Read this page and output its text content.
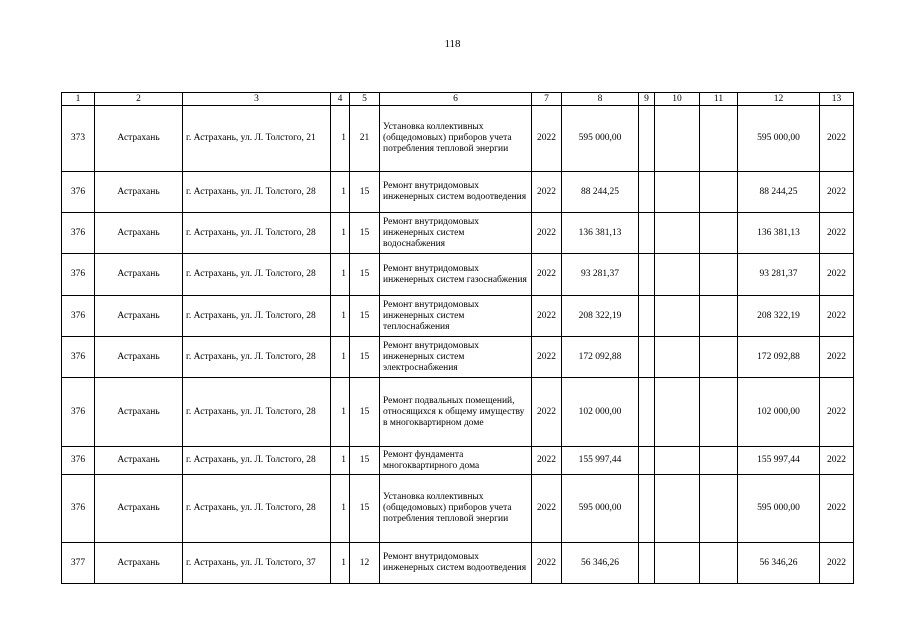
118
1	2	3	4	5	6	7	8	9	10	11	12	13
373	Астрахань	г. Астрахань, ул. Л. Толстого, 21	1	21	Установка коллективных (общедомовых) приборов учета потребления тепловой энергии	2022	595 000,00				595 000,00	2022
376	Астрахань	г. Астрахань, ул. Л. Толстого, 28	1	15	Ремонт внутридомовых инженерных систем водоотведения	2022	88 244,25				88 244,25	2022
376	Астрахань	г. Астрахань, ул. Л. Толстого, 28	1	15	Ремонт внутридомовых инженерных систем водоснабжения	2022	136 381,13				136 381,13	2022
376	Астрахань	г. Астрахань, ул. Л. Толстого, 28	1	15	Ремонт внутридомовых инженерных систем газоснабжения	2022	93 281,37				93 281,37	2022
376	Астрахань	г. Астрахань, ул. Л. Толстого, 28	1	15	Ремонт внутридомовых инженерных систем теплоснабжения	2022	208 322,19				208 322,19	2022
376	Астрахань	г. Астрахань, ул. Л. Толстого, 28	1	15	Ремонт внутридомовых инженерных систем электроснабжения	2022	172 092,88				172 092,88	2022
376	Астрахань	г. Астрахань, ул. Л. Толстого, 28	1	15	Ремонт подвальных помещений, относящихся к общему имуществу в многоквартирном доме	2022	102 000,00				102 000,00	2022
376	Астрахань	г. Астрахань, ул. Л. Толстого, 28	1	15	Ремонт фундамента многоквартирного дома	2022	155 997,44				155 997,44	2022
376	Астрахань	г. Астрахань, ул. Л. Толстого, 28	1	15	Установка коллективных (общедомовых) приборов учета потребления тепловой энергии	2022	595 000,00				595 000,00	2022
377	Астрахань	г. Астрахань, ул. Л. Толстого, 37	1	12	Ремонт внутридомовых инженерных систем водоотведения	2022	56 346,26				56 346,26	2022
